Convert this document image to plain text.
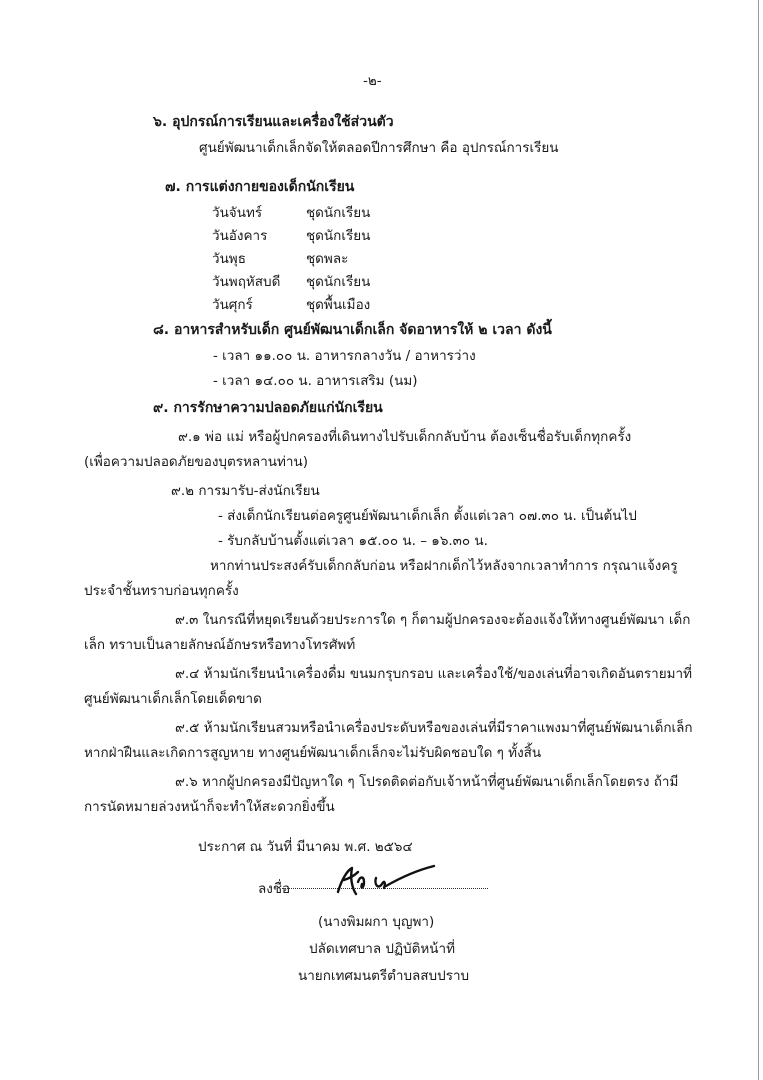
-๒-
๖. อุปกรณ์การเรียนและเครื่องใช้ส่วนตัว
ศูนย์พัฒนาเด็กเล็กจัดให้ตลอดปีการศึกษา คือ อุปกรณ์การเรียน
๗. การแต่งกายของเด็กนักเรียน
วันจันทร์	ชุดนักเรียน
วันอังคาร	ชุดนักเรียน
วันพุธ	ชุดพละ
วันพฤหัสบดี ชุดนักเรียน
วันศุกร์	ชุดพื้นเมือง
๘. อาหารสำหรับเด็ก ศูนย์พัฒนาเด็กเล็ก จัดอาหารให้ ๒ เวลา ดังนี้
- เวลา ๑๑.๐๐ น. อาหารกลางวัน / อาหารว่าง
- เวลา ๑๔.๐๐ น. อาหารเสริม (นม)
๙. การรักษาความปลอดภัยแก่นักเรียน
๙.๑ พ่อ แม่ หรือผู้ปกครองที่เดินทางไปรับเด็กกลับบ้าน ต้องเซ็นชื่อรับเด็กทุกครั้ง
(เพื่อความปลอดภัยของบุตรหลานท่าน)
๙.๒ การมารับ-ส่งนักเรียน
- ส่งเด็กนักเรียนต่อครูศูนย์พัฒนาเด็กเล็ก ตั้งแต่เวลา ๐๗.๓๐ น. เป็นต้นไป
- รับกลับบ้านตั้งแต่เวลา ๑๕.๐๐ น. – ๑๖.๓๐ น.
หากท่านประสงค์รับเด็กกลับก่อน หรือฝากเด็กไว้หลังจากเวลาทำการ กรุณาแจ้งครู
ประจำชั้นทราบก่อนทุกครั้ง
๙.๓ ในกรณีที่หยุดเรียนด้วยประการใด ๆ ก็ตามผู้ปกครองจะต้องแจ้งให้ทางศูนย์พัฒนา เด็ก
เล็ก ทราบเป็นลายลักษณ์อักษรหรือทางโทรศัพท์
๙.๔ ห้ามนักเรียนนำเครื่องดื่ม ขนมกรุบกรอบ และเครื่องใช้/ของเล่นที่อาจเกิดอันตรายมาที่
ศูนย์พัฒนาเด็กเล็กโดยเด็ดขาด
๙.๕ ห้ามนักเรียนสวมหรือนำเครื่องประดับหรือของเล่นที่มีราคาแพงมาที่ศูนย์พัฒนาเด็กเล็ก
หากฝ่าฝืนและเกิดการสูญหาย ทางศูนย์พัฒนาเด็กเล็กจะไม่รับผิดชอบใด ๆ ทั้งสิ้น
๙.๖ หากผู้ปกครองมีปัญหาใด ๆ โปรดติดต่อกับเจ้าหน้าที่ศูนย์พัฒนาเด็กเล็กโดยตรง ถ้ามี
การนัดหมายล่วงหน้าก็จะทำให้สะดวกยิ่งขึ้น
ประกาศ ณ วันที่ มีนาคม พ.ศ. ๒๕๖๔
ลงชื่อ
(นางพิมผกา บุญพา)
ปลัดเทศบาล ปฏิบัติหน้าที่
นายกเทศมนตรีตำบลสบปราบ
